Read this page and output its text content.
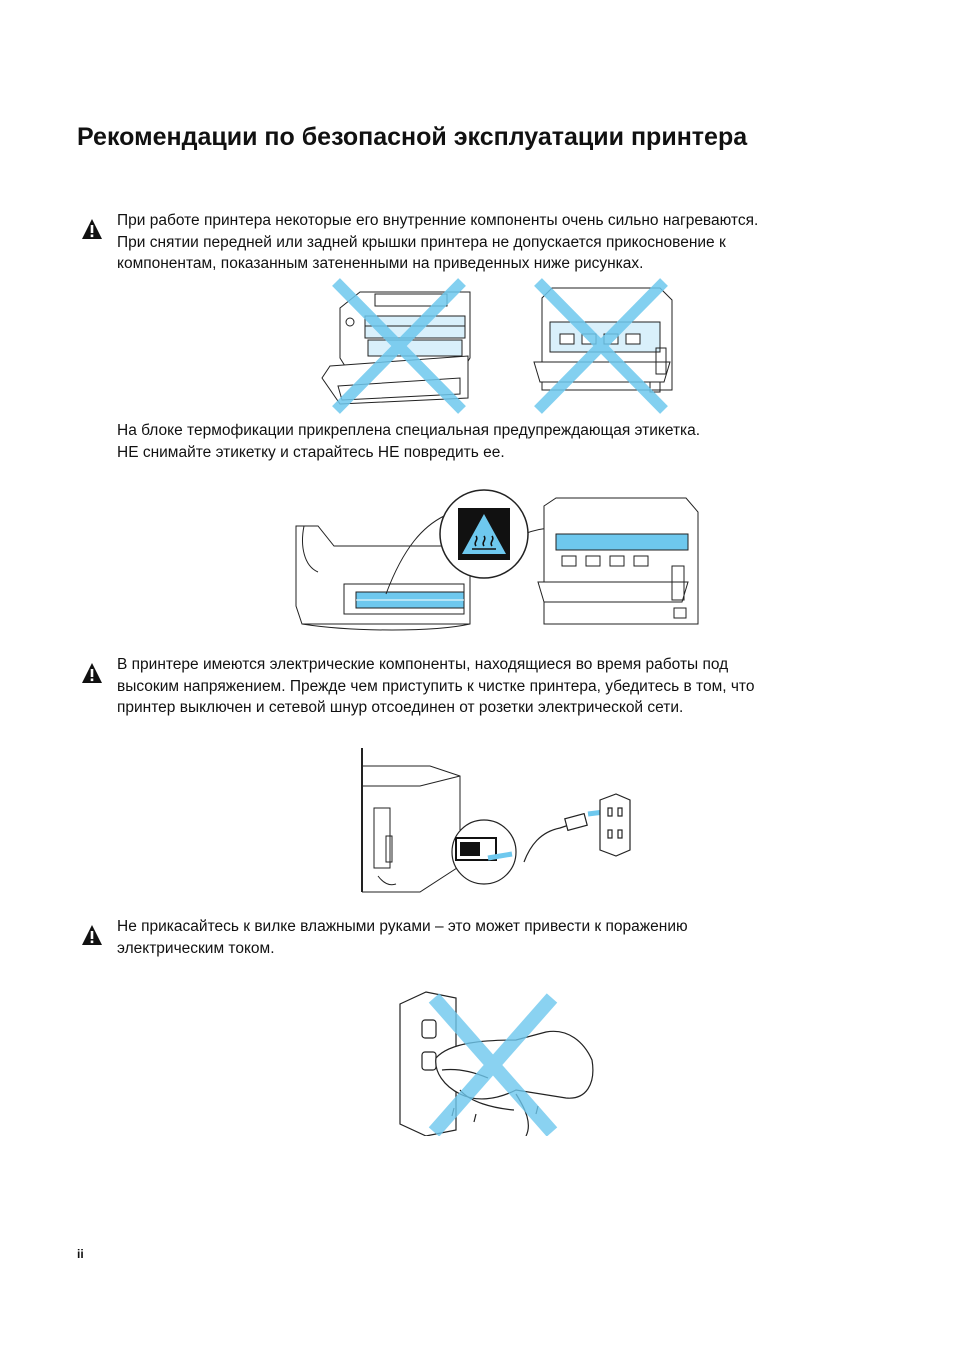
Рекомендации по безопасной эксплуатации принтера

При работе принтера некоторые его внутренние компоненты очень сильно нагреваются.
При снятии передней или задней крышки принтера не допускается прикосновение к
компонентам, показанным затененными на приведенных ниже рисунках.

На блоке термофикации прикреплена специальная предупреждающая этикетка.
НЕ снимайте этикетку и старайтесь НЕ повредить ее.

В принтере имеются электрические компоненты, находящиеся во время работы под
высоким напряжением. Прежде чем приступить к чистке принтера, убедитесь в том, что
принтер выключен и сетевой шнур отсоединен от розетки электрической сети.

Не прикасайтесь к вилке влажными руками – это может привести к поражению
электрическим током.

ii
